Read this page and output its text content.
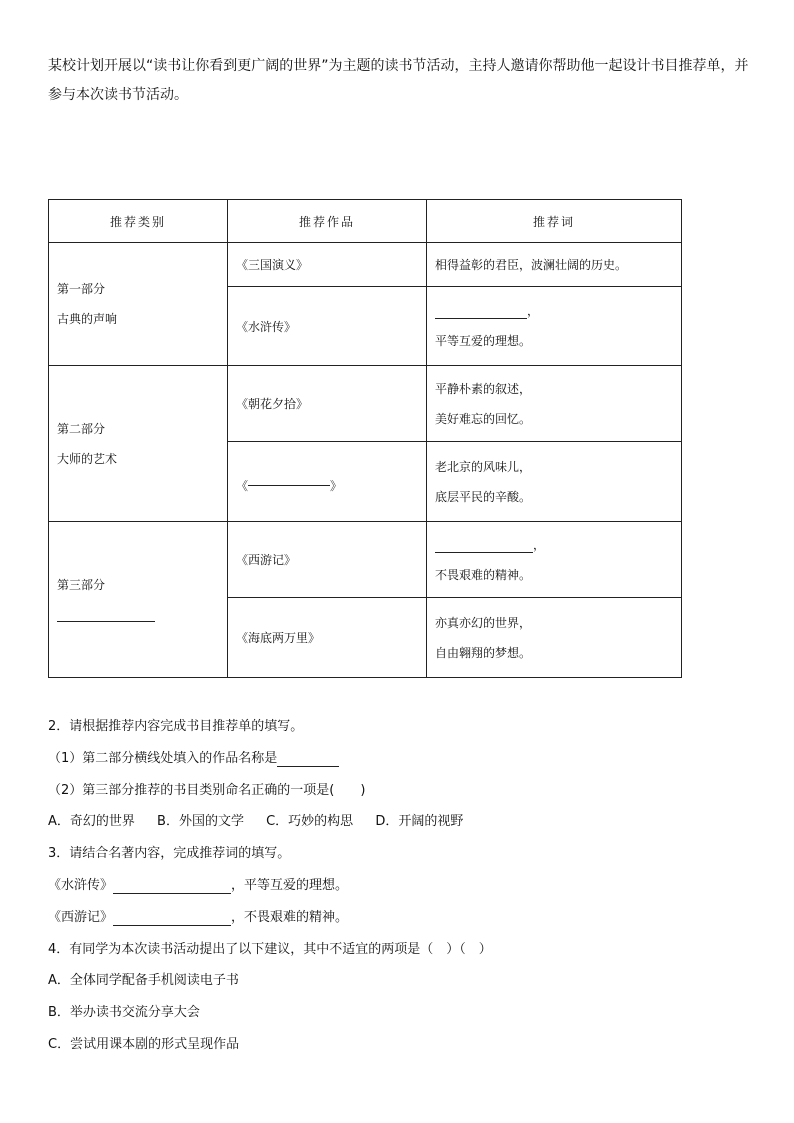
某校计划开展以“读书让你看到更广阔的世界”为主题的读书节活动，主持人邀请你帮助他一起设计书目推荐单，并参与本次读书节活动。

推荐类别	推荐作品	推荐词

第一部分
古典的声响	《三国演义》	相得益彰的君臣，波澜壮阔的历史。
	《水浒传》	，
平等互爱的理想。

第二部分
大师的艺术	《朝花夕拾》	平静朴素的叙述，
美好难忘的回忆。

	《 》	老北京的风味儿，
底层平民的辛酸。

第三部分	《西游记》	，
不畏艰难的精神。

	《海底两万里》	亦真亦幻的世界，
自由翱翔的梦想。
2．请根据推荐内容完成书目推荐单的填写。
（1）第二部分横线处填入的作品名称是
（2）第三部分推荐的书目类别命名正确的一项是(　　)
A．奇幻的世界 B．外国的文学 C．巧妙的构思 D．开阔的视野
3．请结合名著内容，完成推荐词的填写。
《水浒传》	，平等互爱的理想。
《西游记》	，不畏艰难的精神。
4．有同学为本次读书活动提出了以下建议，其中不适宜的两项是（　）（　）
A．全体同学配备手机阅读电子书
B．举办读书交流分享大会
C．尝试用课本剧的形式呈现作品
